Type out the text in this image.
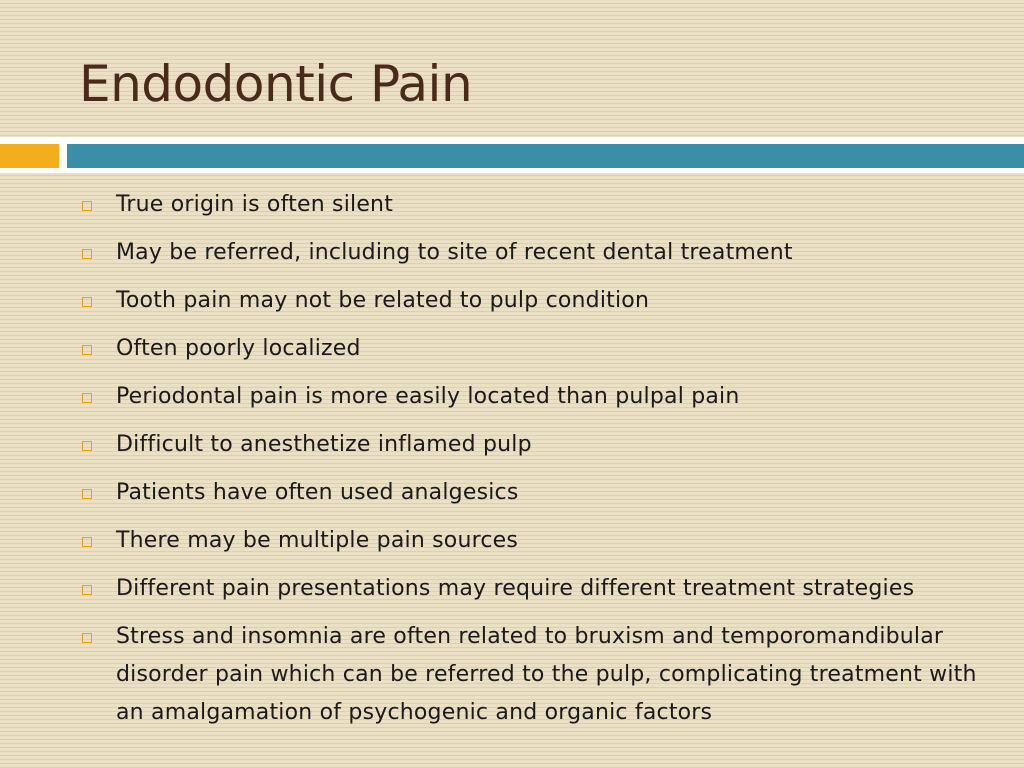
Endodontic Pain
True origin is often silent
May be referred, including to site of recent dental treatment
Tooth pain may not be related to pulp condition
Often poorly localized
Periodontal pain is more easily located than pulpal pain
Difficult to anesthetize inflamed pulp
Patients have often used analgesics
There may be multiple pain sources
Different pain presentations may require different treatment strategies
Stress and insomnia are often related to bruxism and temporomandibular disorder pain which can be referred to the pulp, complicating treatment with an amalgamation of psychogenic and organic factors
